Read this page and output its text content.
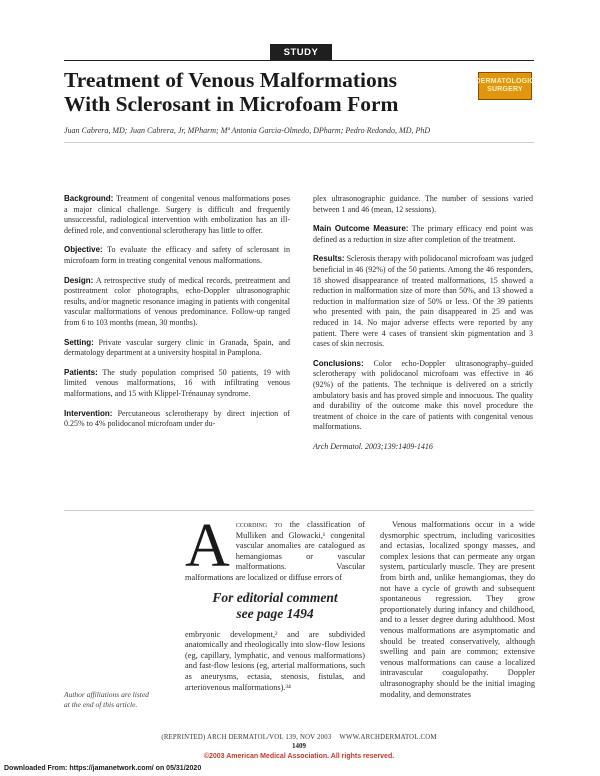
STUDY
Treatment of Venous Malformations
With Sclerosant in Microfoam Form
DERMATOLOGIC
SURGERY
Juan Cabrera, MD; Juan Cabrera, Jr, MPharm; Mª Antonia Garcia-Olmedo, DPharm; Pedro Redondo, MD, PhD

Background: Treatment of congenital venous malformations poses a major clinical challenge. Surgery is difficult and frequently unsuccessful, radiological intervention with embolization has an ill-defined role, and conventional sclerotherapy has little to offer.

Objective: To evaluate the efficacy and safety of sclerosant in microfoam form in treating congenital venous malformations.

Design: A retrospective study of medical records, pretreatment and posttreatment color photographs, echo-Doppler ultrasonographic results, and/or magnetic resonance imaging in patients with congenital vascular malformations of venous predominance. Follow-up ranged from 6 to 103 months (mean, 30 months).

Setting: Private vascular surgery clinic in Granada, Spain, and dermatology department at a university hospital in Pamplona.

Patients: The study population comprised 50 patients, 19 with limited venous malformations, 16 with infiltrating venous malformations, and 15 with Klippel-Trénaunay syndrome.

Intervention: Percutaneous sclerotherapy by direct injection of 0.25% to 4% polidocanol microfoam under du-

plex ultrasonographic guidance. The number of sessions varied between 1 and 46 (mean, 12 sessions).

Main Outcome Measure: The primary efficacy end point was defined as a reduction in size after completion of the treatment.

Results: Sclerosis therapy with polidocanol microfoam was judged beneficial in 46 (92%) of the 50 patients. Among the 46 responders, 18 showed disappearance of treated malformations, 15 showed a reduction in malformation size of more than 50%, and 13 showed a reduction in malformation size of 50% or less. Of the 39 patients who presented with pain, the pain disappeared in 25 and was reduced in 14. No major adverse effects were reported by any patient. There were 4 cases of transient skin pigmentation and 3 cases of skin necrosis.

Conclusions: Color echo-Doppler ultrasonography–guided sclerotherapy with polidocanol microfoam was effective in 46 (92%) of the patients. The technique is delivered on a strictly ambulatory basis and has proved simple and innocuous. The quality and durability of the outcome make this novel procedure the treatment of choice in the care of patients with congenital venous malformations.

Arch Dermatol. 2003;139:1409-1416

According to the classification of Mulliken and Glowacki,¹ congenital vascular anomalies are catalogued as hemangiomas or vascular malformations. Vascular malformations are localized or diffuse errors of
For editorial comment
see page 1494
embryonic development,² and are subdivided anatomically and rheologically into slow-flow lesions (eg, capillary, lymphatic, and venous malformations) and fast-flow lesions (eg, arterial malformations, such as aneurysms, ectasia, stenosis, fistulas, and arteriovenous malformations).³⁴

Venous malformations occur in a wide dysmorphic spectrum, including varicosities and ectasias, localized spongy masses, and complex lesions that can permeate any organ system, particularly muscle. They are present from birth and, unlike hemangiomas, they do not have a cycle of growth and subsequent spontaneous regression. They grow proportionately during infancy and childhood, and to a lesser degree during adulthood. Most venous malformations are asymptomatic and should be treated conservatively, although swelling and pain are common; extensive venous malformations can cause a localized intravascular coagulopathy. Doppler ultrasonography should be the initial imaging modality, and demonstrates

Author affiliations are listed at the end of this article.
(REPRINTED) ARCH DERMATOL/VOL 139, NOV 2003 WWW.ARCHDERMATOL.COM
1409
©2003 American Medical Association. All rights reserved.
Downloaded From: https://jamanetwork.com/ on 05/31/2020
